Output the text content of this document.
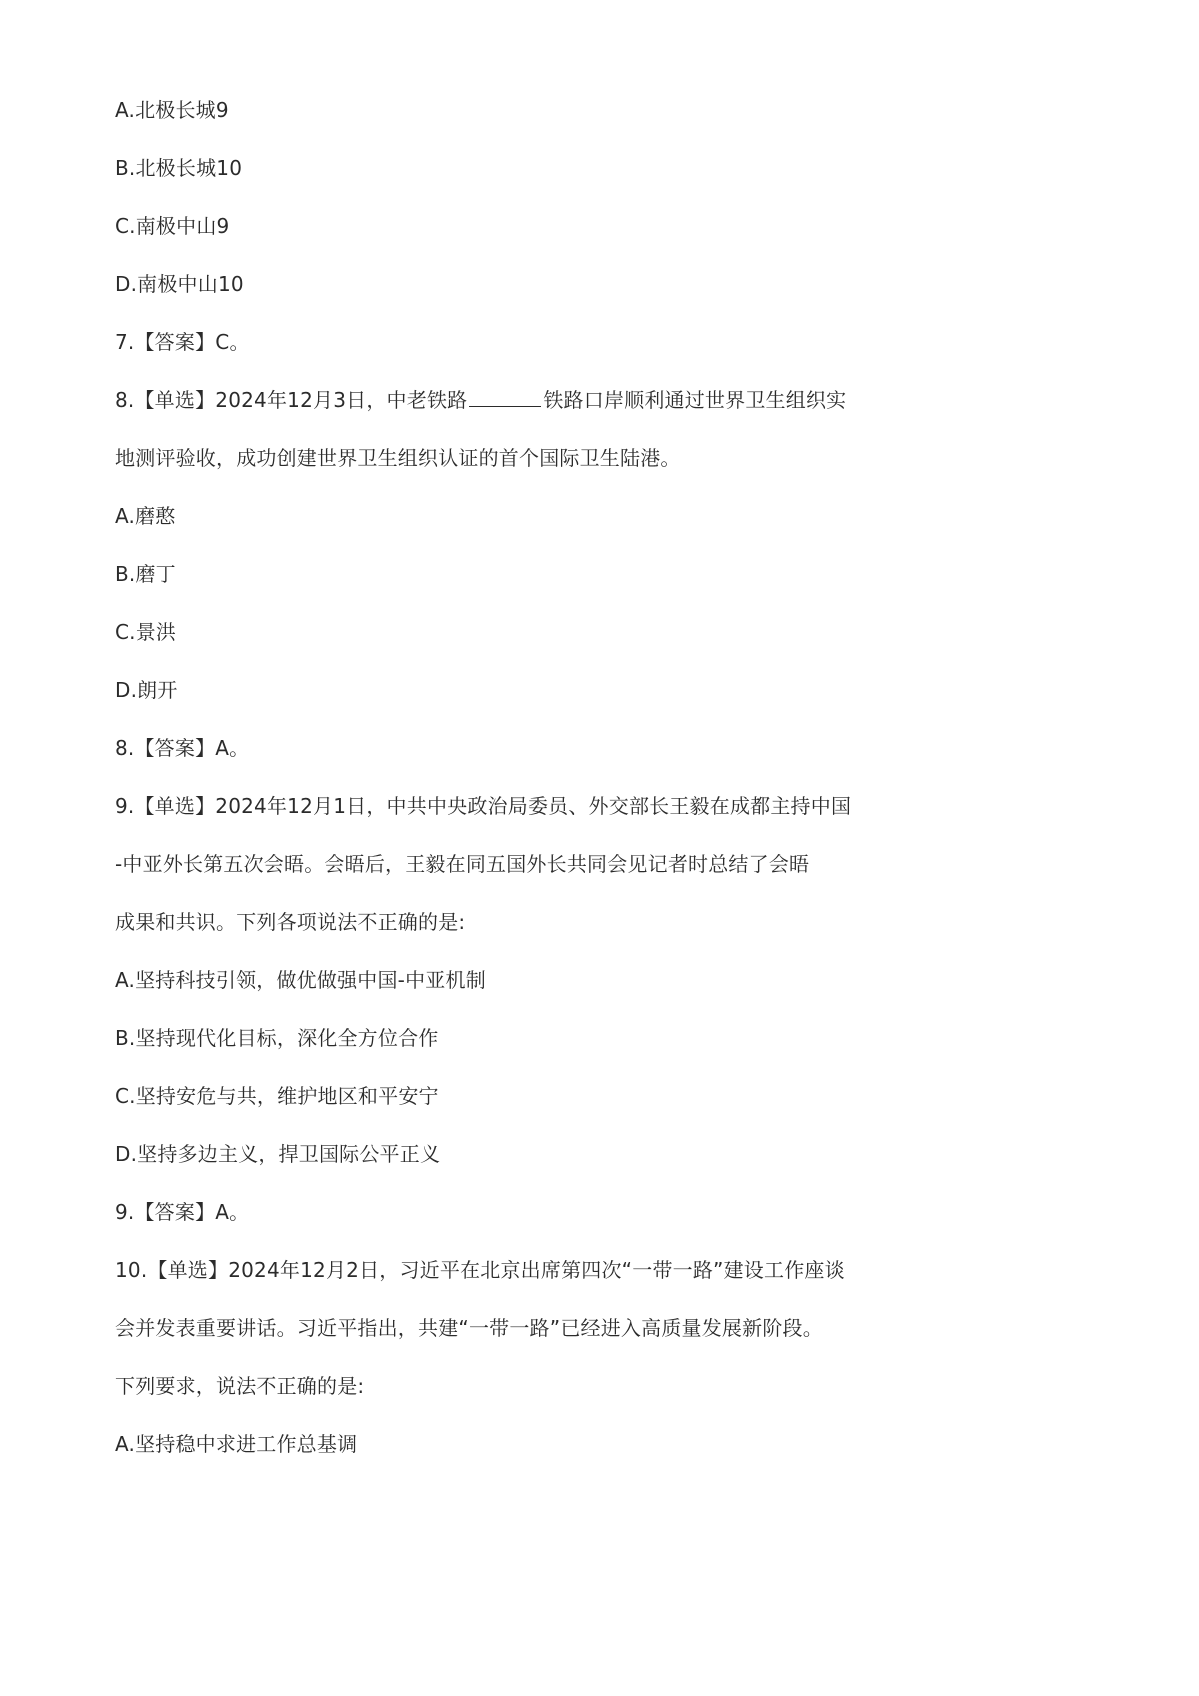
A.北极长城9

B.北极长城10

C.南极中山9

D.南极中山10

7.【答案】C。

8.【单选】2024年12月3日，中老铁路	铁路口岸顺利通过世界卫生组织实

地测评验收，成功创建世界卫生组织认证的首个国际卫生陆港。

A.磨憨

B.磨丁

C.景洪

D.朗开

8.【答案】A。

9.【单选】2024年12月1日，中共中央政治局委员、外交部长王毅在成都主持中国

-中亚外长第五次会晤。会晤后，王毅在同五国外长共同会见记者时总结了会晤

成果和共识。下列各项说法不正确的是:

A.坚持科技引领，做优做强中国-中亚机制

B.坚持现代化目标，深化全方位合作

C.坚持安危与共，维护地区和平安宁

D.坚持多边主义，捍卫国际公平正义

9.【答案】A。

10.【单选】2024年12月2日，习近平在北京出席第四次“一带一路”建设工作座谈

会并发表重要讲话。习近平指出，共建“一带一路”已经进入高质量发展新阶段。

下列要求，说法不正确的是:

A.坚持稳中求进工作总基调
